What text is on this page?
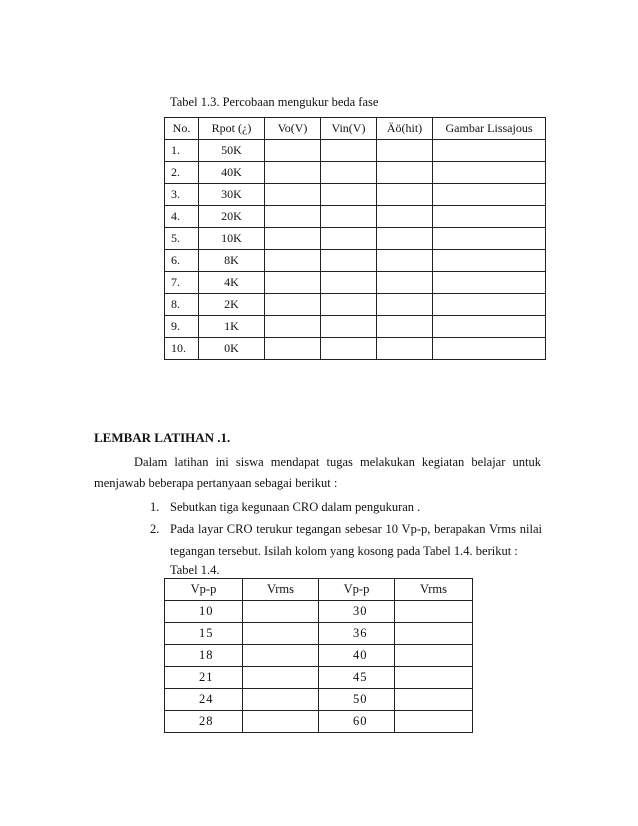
Tabel 1.3. Percobaan mengukur beda fase
No.	Rpot (¿)	Vo(V)	Vin(V)	Äö(hit)	Gambar Lissajous
1.	50K				
2.	40K				
3.	30K				
4.	20K				
5.	10K				
6.	8K				
7.	4K				
8.	2K				
9.	1K				
10.	0K				
LEMBAR LATIHAN .1.
Dalam latihan ini siswa mendapat tugas melakukan kegiatan belajar untuk
menjawab beberapa pertanyaan sebagai berikut :
1. Sebutkan tiga kegunaan CRO dalam pengukuran .
2. Pada layar CRO terukur tegangan sebesar 10 Vp-p, berapakan Vrms nilai
tegangan tersebut. Isilah kolom yang kosong pada Tabel 1.4. berikut :
Tabel 1.4.
Vp-p	Vrms	Vp-p	Vrms
10		30	
15		36	
18		40	
21		45	
24		50	
28		60	
